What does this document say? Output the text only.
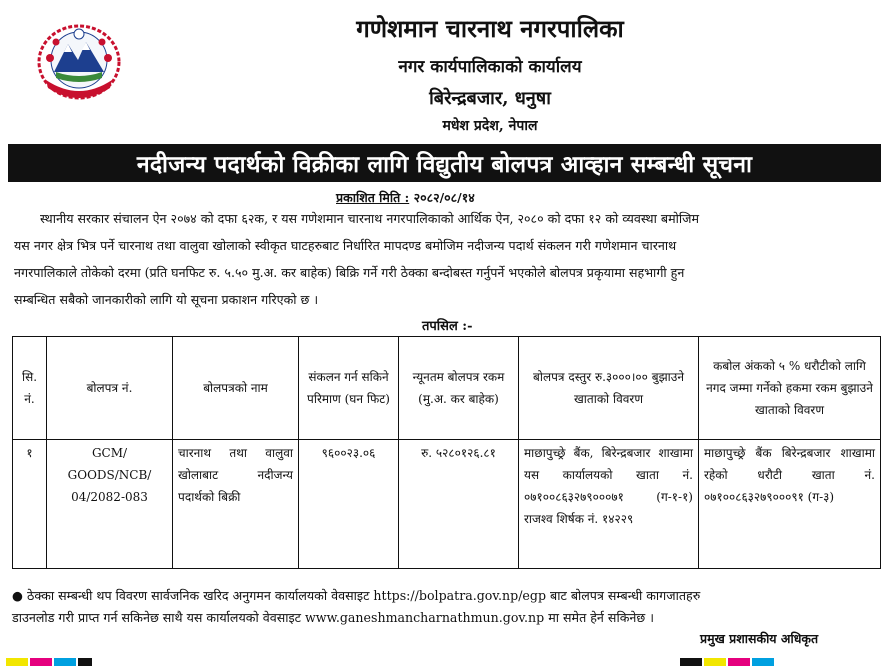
गणेशमान चारनाथ नगरपालिका
नगर कार्यपालिकाको कार्यालय
बिरेन्द्रबजार, धनुषा
मधेश प्रदेश, नेपाल
नदीजन्य पदार्थको विक्रीका लागि विद्युतीय बोलपत्र आव्हान सम्बन्धी सूचना
प्रकाशित मिति : २०८२/०८/१४
स्थानीय सरकार संचालन ऐन २०७४ को दफा ६२क, र यस गणेशमान चारनाथ नगरपालिकाको आर्थिक ऐन, २०८० को दफा १२ को व्यवस्था बमोजिम
यस नगर क्षेत्र भित्र पर्ने चारनाथ तथा वालुवा खोलाको स्वीकृत घाटहरुबाट निर्धारित मापदण्ड बमोजिम नदीजन्य पदार्थ संकलन गरी गणेशमान चारनाथ
नगरपालिकाले तोकेको दरमा (प्रति घनफिट रु. ५.५० मु.अ. कर बाहेक) बिक्रि गर्ने गरी ठेक्का बन्दोबस्त गर्नुपर्ने भएकोले बोलपत्र प्रकृयामा सहभागी हुन
सम्बन्धित सबैको जानकारीको लागि यो सूचना प्रकाशन गरिएको छ ।
तपसिल :-
सि. नं.	बोलपत्र नं.	बोलपत्रको नाम	संकलन गर्न सकिने परिमाण (घन फिट)	न्यूनतम बोलपत्र रकम (मु.अ. कर बाहेक)	बोलपत्र दस्तुर रु.३०००।०० बुझाउने खाताको विवरण	कबोल अंकको ५ % धरौटीको लागि नगद जम्मा गर्नेको हकमा रकम बुझाउने खाताको विवरण
१	GCM/ GOODS/NCB/ 04/2082-083	चारनाथ तथा वालुवा खोलाबाट नदीजन्य पदार्थको बिक्री	९६००२३.०६	रु. ५२८०१२६.८१	माछापुच्छ्रे बैंक, बिरेन्द्रबजार शाखामा यस कार्यालयको खाता नं. ०७१००८६३२७९०००७१ (ग-१-१) राजश्व शिर्षक नं. १४२२९	माछापुच्छ्रे बैंक बिरेन्द्रबजार शाखामा रहेको धरौटी खाता नं. ०७१००८६३२७९०००९१ (ग-३)
● ठेक्का सम्बन्धी थप विवरण सार्वजनिक खरिद अनुगमन कार्यालयको वेवसाइट https://bolpatra.gov.np/egp बाट बोलपत्र सम्बन्धी कागजातहरु
डाउनलोड गरी प्राप्त गर्न सकिनेछ साथै यस कार्यालयको वेवसाइट www.ganeshmancharnathmun.gov.np मा समेत हेर्न सकिनेछ ।
प्रमुख प्रशासकीय अधिकृत
